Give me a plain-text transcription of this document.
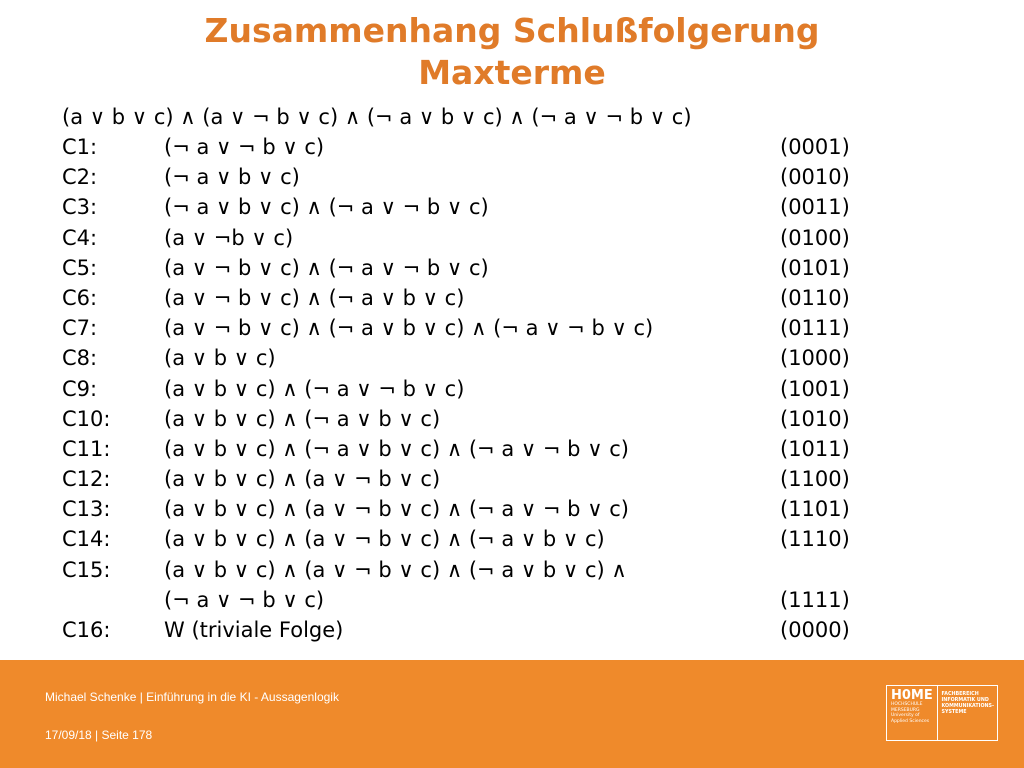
Zusammenhang Schlußfolgerung
Maxterme
(a ∨ b ∨ c) ∧ (a ∨ ¬ b ∨ c) ∧ (¬ a ∨ b ∨ c) ∧ (¬ a ∨ ¬ b ∨ c)
C1:	(¬ a ∨ ¬ b ∨ c)	(0001)
C2:	(¬ a ∨ b ∨ c)	(0010)
C3:	(¬ a ∨ b ∨ c) ∧ (¬ a ∨ ¬ b ∨ c)	(0011)
C4:	(a ∨ ¬b ∨ c)	(0100)
C5:	(a ∨ ¬ b ∨ c) ∧ (¬ a ∨ ¬ b ∨ c)	(0101)
C6:	(a ∨ ¬ b ∨ c) ∧ (¬ a ∨ b ∨ c)	(0110)
C7:	(a ∨ ¬ b ∨ c) ∧ (¬ a ∨ b ∨ c) ∧ (¬ a ∨ ¬ b ∨ c)	(0111)
C8:	(a ∨ b ∨ c)	(1000)
C9:	(a ∨ b ∨ c) ∧ (¬ a ∨ ¬ b ∨ c)	(1001)
C10:	(a ∨ b ∨ c) ∧ (¬ a ∨ b ∨ c)	(1010)
C11:	(a ∨ b ∨ c) ∧ (¬ a ∨ b ∨ c) ∧ (¬ a ∨ ¬ b ∨ c)	(1011)
C12:	(a ∨ b ∨ c) ∧ (a ∨ ¬ b ∨ c)	(1100)
C13:	(a ∨ b ∨ c) ∧ (a ∨ ¬ b ∨ c) ∧ (¬ a ∨ ¬ b ∨ c)	(1101)
C14:	(a ∨ b ∨ c) ∧ (a ∨ ¬ b ∨ c) ∧ (¬ a ∨ b ∨ c)	(1110)
C15:	(a ∨ b ∨ c) ∧ (a ∨ ¬ b ∨ c) ∧ (¬ a ∨ b ∨ c) ∧
(¬ a ∨ ¬ b ∨ c)	(1111)
C16:	W (triviale Folge)	(0000)
Michael Schenke | Einführung in die KI - Aussagenlogik
17/09/18 | Seite 178
H0ME
HOCHSCHULE
MERSEBURG
University of
Applied Sciences
FACHBEREICH
INFORMATIK UND
KOMMUNIKATIONS-
SYSTEME
